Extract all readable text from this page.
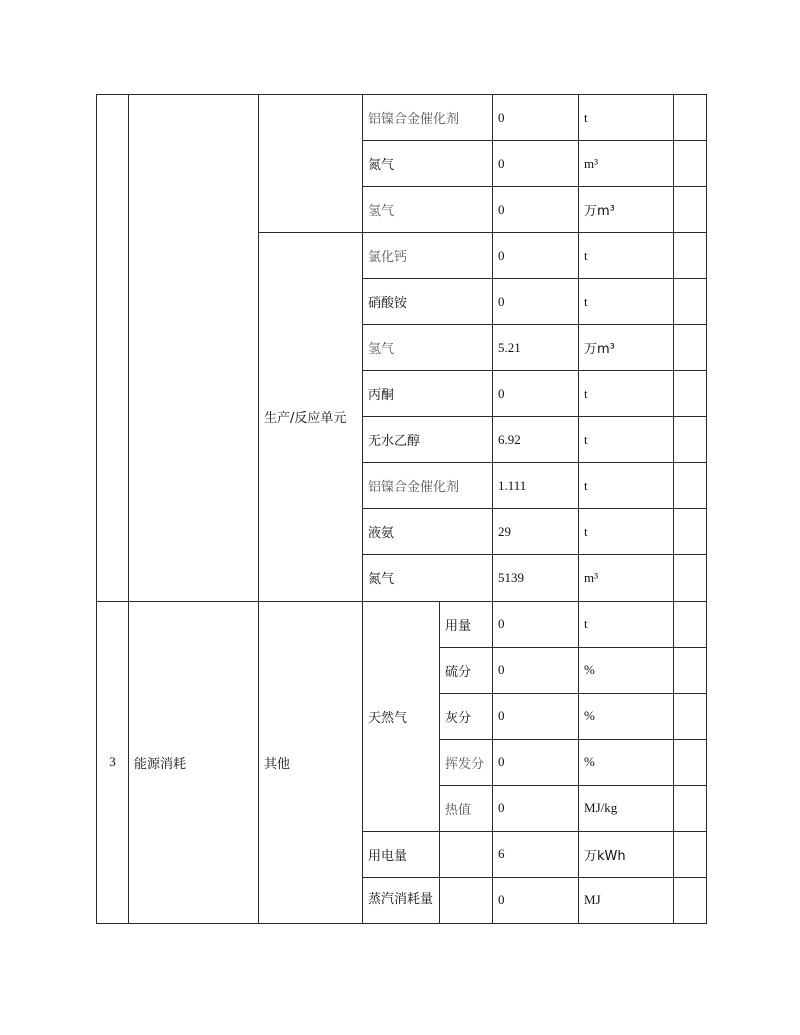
			铝镍合金催化剂		0	t	
			氮气		0	m³	
			氢气		0	万m³	
		生产/反应单元	氯化钙		0	t	
			硝酸铵		0	t	
			氢气		5.21	万m³	
			丙酮		0	t	
			无水乙醇		6.92	t	
			铝镍合金催化剂		1.111	t	
			液氨		29	t	
			氮气		5139	m³	
3	能源消耗	其他	天然气	用量	0	t	
				硫分	0	%	
				灰分	0	%	
				挥发分	0	%	
				热值	0	MJ/kg	
			用电量		6	万kWh	
			蒸汽消耗量		0	MJ	
